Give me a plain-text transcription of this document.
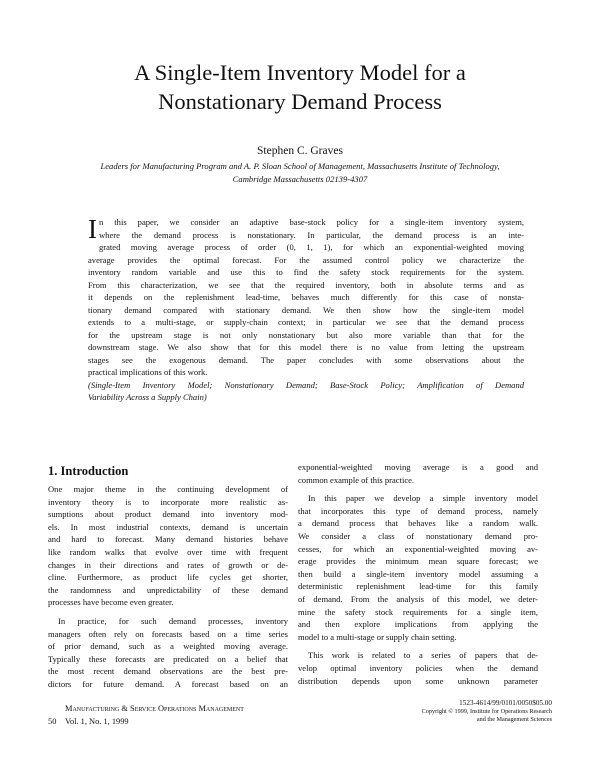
A Single-Item Inventory Model for a
Nonstationary Demand Process
Stephen C. Graves
Leaders for Manufacturing Program and A. P. Sloan School of Management, Massachusetts Institute of Technology,
Cambridge Massachusetts 02139-4307
I n this paper, we consider an adaptive base-stock policy for a single-item inventory system,
where the demand process is nonstationary. In particular, the demand process is an inte-
grated moving average process of order (0, 1, 1), for which an exponential-weighted moving
average provides the optimal forecast. For the assumed control policy we characterize the
inventory random variable and use this to find the safety stock requirements for the system.
From this characterization, we see that the required inventory, both in absolute terms and as
it depends on the replenishment lead-time, behaves much differently for this case of nonsta-
tionary demand compared with stationary demand. We then show how the single-item model
extends to a multi-stage, or supply-chain context; in particular we see that the demand process
for the upstream stage is not only nonstationary but also more variable than that for the
downstream stage. We also show that for this model there is no value from letting the upstream
stages see the exogenous demand. The paper concludes with some observations about the
practical implications of this work.
(Single-Item Inventory Model; Nonstationary Demand; Base-Stock Policy; Amplification of Demand
Variability Across a Supply Chain)
1. Introduction
One major theme in the continuing development of
inventory theory is to incorporate more realistic as-
sumptions about product demand into inventory mod-
els. In most industrial contexts, demand is uncertain
and hard to forecast. Many demand histories behave
like random walks that evolve over time with frequent
changes in their directions and rates of growth or de-
cline. Furthermore, as product life cycles get shorter,
the randomness and unpredictability of these demand
processes have become even greater.
In practice, for such demand processes, inventory
managers often rely on forecasts based on a time series
of prior demand, such as a weighted moving average.
Typically these forecasts are predicated on a belief that
the most recent demand observations are the best pre-
dictors for future demand. A forecast based on an
exponential-weighted moving average is a good and
common example of this practice.
In this paper we develop a simple inventory model
that incorporates this type of demand process, namely
a demand process that behaves like a random walk.
We consider a class of nonstationary demand pro-
cesses, for which an exponential-weighted moving av-
erage provides the minimum mean square forecast; we
then build a single-item inventory model assuming a
deterministic replenishment lead-time for this family
of demand. From the analysis of this model, we deter-
mine the safety stock requirements for a single item,
and then explore implications from applying the
model to a multi-stage or supply chain setting.
This work is related to a series of papers that de-
velop optimal inventory policies when the demand
distribution depends upon some unknown parameter
Manufacturing & Service Operations Management
50 Vol. 1, No. 1, 1999
1523-4614/99/0101/0050$05.00
Copyright © 1999, Institute for Operations Research
and the Management Sciences
